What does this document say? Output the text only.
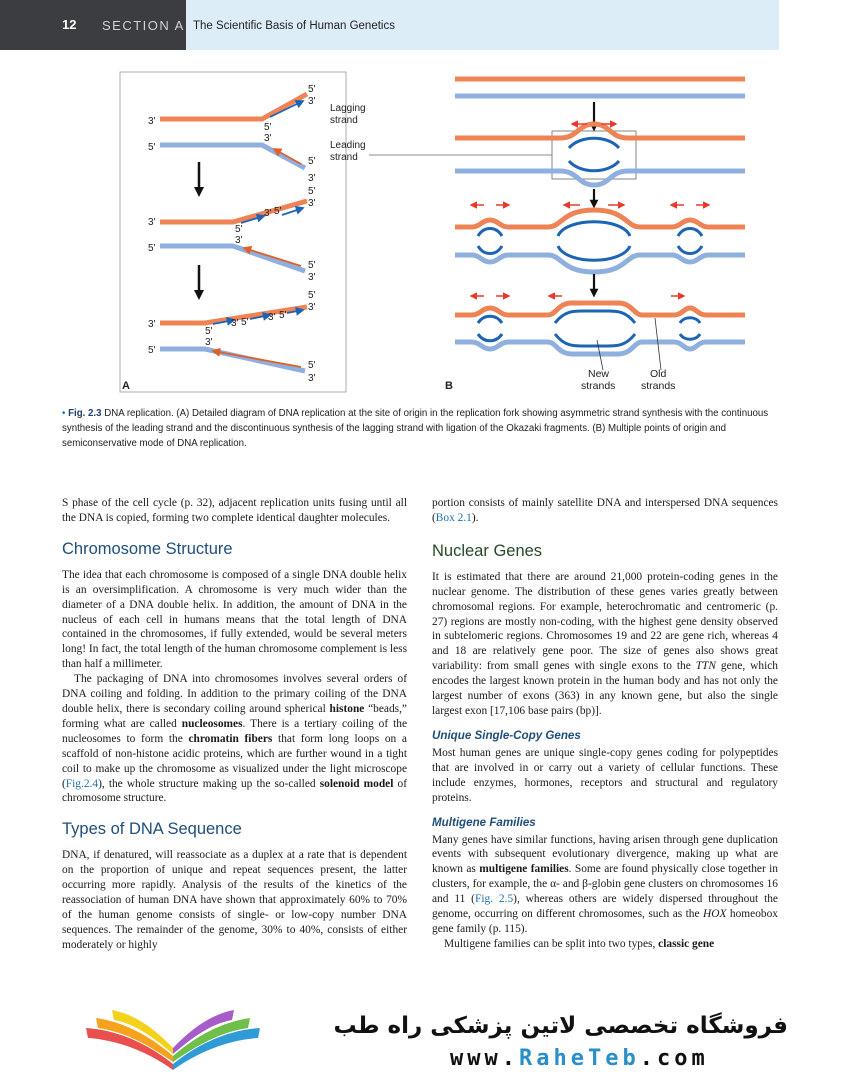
12 SECTION A The Scientific Basis of Human Genetics
3'
5'
5'
3'
5'
3'
5'
3'
3'
5'
5'
3'
5'
3'
3' 5'
5'
3'
3'
5'
5'
3'
5'
3'
3' 5' 3' 5'
5'
3'
Lagging
strand
Leading
strand
A	B
New
strands
Old
strands
• Fig. 2.3 DNA replication. (A) Detailed diagram of DNA replication at the site of origin in the replication fork showing asymmetric strand synthesis with the continuous synthesis of the leading strand and the discontinuous synthesis of the lagging strand with ligation of the Okazaki fragments. (B) Multiple points of origin and semiconservative mode of DNA replication.

S phase of the cell cycle (p. 32), adjacent replication units fusing until all the DNA is copied, forming two complete identical daughter molecules.

Chromosome Structure

The idea that each chromosome is composed of a single DNA double helix is an oversimplification. A chromosome is very much wider than the diameter of a DNA double helix. In addition, the amount of DNA in the nucleus of each cell in humans means that the total length of DNA contained in the chromosomes, if fully extended, would be several meters long! In fact, the total length of the human chromosome complement is less than half a millimeter.

The packaging of DNA into chromosomes involves several orders of DNA coiling and folding. In addition to the primary coiling of the DNA double helix, there is secondary coiling around spherical histone “beads,” forming what are called nucleosomes. There is a tertiary coiling of the nucleosomes to form the chromatin fibers that form long loops on a scaffold of non-histone acidic proteins, which are further wound in a tight coil to make up the chromosome as visualized under the light microscope (Fig.2.4), the whole structure making up the so-called solenoid model of chromosome structure.

Types of DNA Sequence

DNA, if denatured, will reassociate as a duplex at a rate that is dependent on the proportion of unique and repeat sequences present, the latter occurring more rapidly. Analysis of the results of the kinetics of the reassociation of human DNA have shown that approximately 60% to 70% of the human genome consists of single- or low-copy number DNA sequences. The remainder of the genome, 30% to 40%, consists of either moderately or highly

portion consists of mainly satellite DNA and interspersed DNA sequences (Box 2.1).

Nuclear Genes

It is estimated that there are around 21,000 protein-coding genes in the nuclear genome. The distribution of these genes varies greatly between chromosomal regions. For example, heterochromatic and centromeric (p. 27) regions are mostly non-coding, with the highest gene density observed in subtelomeric regions. Chromosomes 19 and 22 are gene rich, whereas 4 and 18 are relatively gene poor. The size of genes also shows great variability: from small genes with single exons to the TTN gene, which encodes the largest known protein in the human body and has not only the largest number of exons (363) in any known gene, but also the single largest exon [17,106 base pairs (bp)].

Unique Single-Copy Genes

Most human genes are unique single-copy genes coding for polypeptides that are involved in or carry out a variety of cellular functions. These include enzymes, hormones, receptors and structural and regulatory proteins.

Multigene Families

Many genes have similar functions, having arisen through gene duplication events with subsequent evolutionary divergence, making up what are known as multigene families. Some are found physically close together in clusters, for example, the α- and β-globin gene clusters on chromosomes 16 and 11 (Fig. 2.5), whereas others are widely dispersed throughout the genome, occurring on different chromosomes, such as the HOX homeobox gene family (p. 115).

Multigene families can be split into two types, classic gene

فروشگاه تخصصی لاتین پزشکی راه طب
www.RaheTeb.com
